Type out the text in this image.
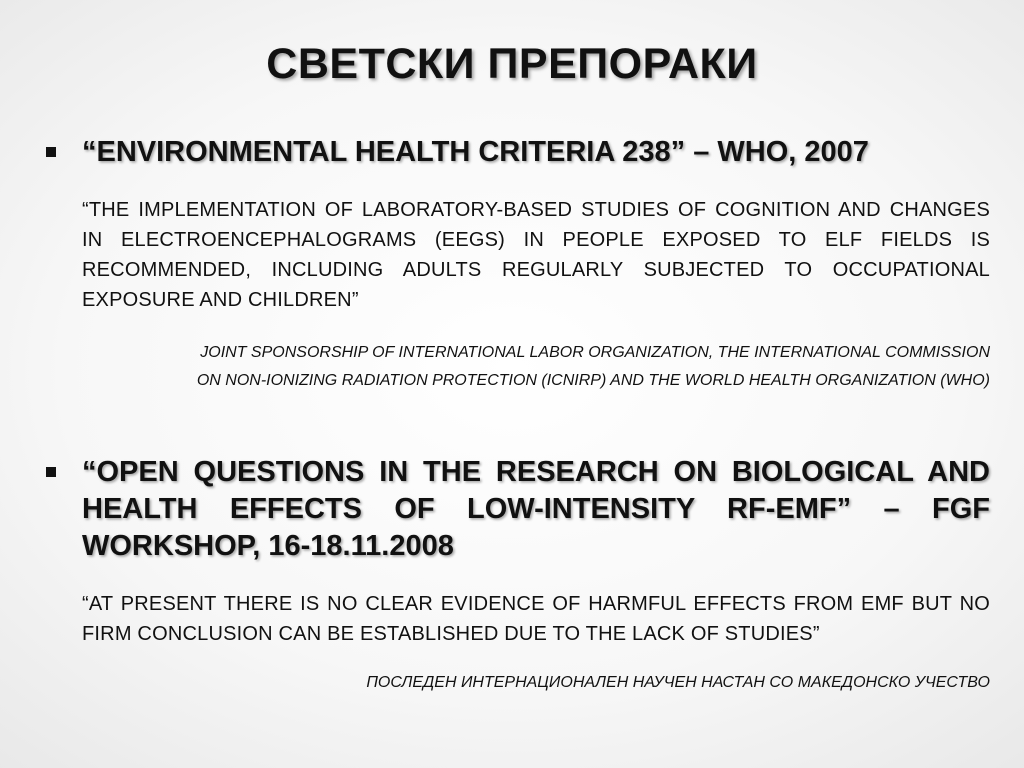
СВЕТСКИ ПРЕПОРАКИ
“ENVIRONMENTAL HEALTH CRITERIA 238” – WHO, 2007
“THE IMPLEMENTATION OF LABORATORY-BASED STUDIES OF COGNITION AND CHANGES IN ELECTROENCEPHALOGRAMS (EEGS) IN PEOPLE EXPOSED TO ELF FIELDS IS RECOMMENDED, INCLUDING ADULTS REGULARLY SUBJECTED TO OCCUPATIONAL EXPOSURE AND CHILDREN”
JOINT SPONSORSHIP OF INTERNATIONAL LABOR ORGANIZATION, THE INTERNATIONAL COMMISSION
ON NON-IONIZING RADIATION PROTECTION (ICNIRP) AND THE WORLD HEALTH ORGANIZATION (WHO)
“OPEN QUESTIONS IN THE RESEARCH ON BIOLOGICAL AND HEALTH EFFECTS OF LOW-INTENSITY RF-EMF” – FGF WORKSHOP, 16-18.11.2008
“AT PRESENT THERE IS NO CLEAR EVIDENCE OF HARMFUL EFFECTS FROM EMF BUT NO FIRM CONCLUSION CAN BE ESTABLISHED DUE TO THE LACK OF STUDIES”
ПОСЛЕДЕН ИНТЕРНАЦИОНАЛЕН НАУЧЕН НАСТАН СО МАКЕДОНСКО УЧЕСТВО
